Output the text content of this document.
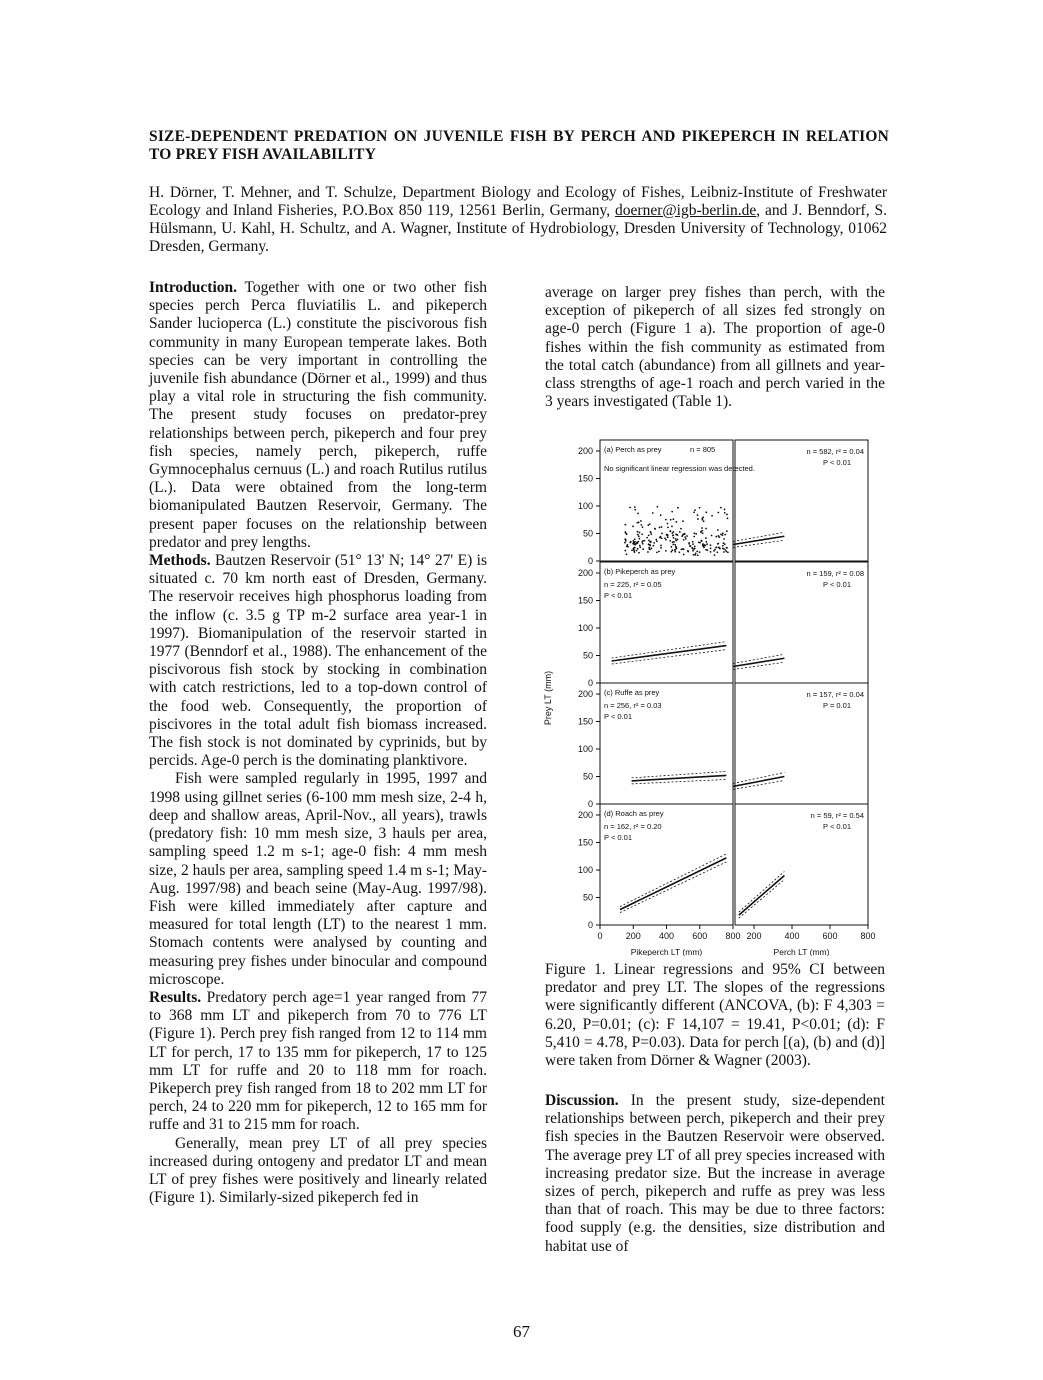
SIZE-DEPENDENT PREDATION ON JUVENILE FISH BY PERCH AND PIKEPERCH IN RELATION TO PREY FISH AVAILABILITY
H. Dörner, T. Mehner, and T. Schulze, Department Biology and Ecology of Fishes, Leibniz-Institute of Freshwater Ecology and Inland Fisheries, P.O.Box 850 119, 12561 Berlin, Germany, doerner@igb-berlin.de, and J. Benndorf, S. Hülsmann, U. Kahl, H. Schultz, and A. Wagner, Institute of Hydrobiology, Dresden University of Technology, 01062 Dresden, Germany.

Introduction. Together with one or two other fish species perch Perca fluviatilis L. and pikeperch Sander lucioperca (L.) constitute the piscivorous fish community in many European temperate lakes. Both species can be very important in controlling the juvenile fish abundance (Dörner et al., 1999) and thus play a vital role in structuring the fish community. The present study focuses on predator-prey relationships between perch, pikeperch and four prey fish species, namely perch, pikeperch, ruffe Gymnocephalus cernuus (L.) and roach Rutilus rutilus (L.). Data were obtained from the long-term biomanipulated Bautzen Reservoir, Germany. The present paper focuses on the relationship between predator and prey lengths.

Methods. Bautzen Reservoir (51° 13' N; 14° 27' E) is situated c. 70 km north east of Dresden, Germany. The reservoir receives high phosphorus loading from the inflow (c. 3.5 g TP m-2 surface area year-1 in 1997). Biomanipulation of the reservoir started in 1977 (Benndorf et al., 1988). The enhancement of the piscivorous fish stock by stocking in combination with catch restrictions, led to a top-down control of the food web. Consequently, the proportion of piscivores in the total adult fish biomass increased. The fish stock is not dominated by cyprinids, but by percids. Age-0 perch is the dominating planktivore.

Fish were sampled regularly in 1995, 1997 and 1998 using gillnet series (6-100 mm mesh size, 2-4 h, deep and shallow areas, April-Nov., all years), trawls (predatory fish: 10 mm mesh size, 3 hauls per area, sampling speed 1.2 m s-1; age-0 fish: 4 mm mesh size, 2 hauls per area, sampling speed 1.4 m s-1; May-Aug. 1997/98) and beach seine (May-Aug. 1997/98). Fish were killed immediately after capture and measured for total length (LT) to the nearest 1 mm. Stomach contents were analysed by counting and measuring prey fishes under binocular and compound microscope.

Results. Predatory perch age=1 year ranged from 77 to 368 mm LT and pikeperch from 70 to 776 LT (Figure 1). Perch prey fish ranged from 12 to 114 mm LT for perch, 17 to 135 mm for pikeperch, 17 to 125 mm LT for ruffe and 20 to 118 mm for roach. Pikeperch prey fish ranged from 18 to 202 mm LT for perch, 24 to 220 mm for pikeperch, 12 to 165 mm for ruffe and 31 to 215 mm for roach.

Generally, mean prey LT of all prey species increased during ontogeny and predator LT and mean LT of prey fishes were positively and linearly related (Figure 1). Similarly-sized pikeperch fed in

average on larger prey fishes than perch, with the exception of pikeperch of all sizes fed strongly on age-0 perch (Figure 1 a). The proportion of age-0 fishes within the fish community as estimated from the total catch (abundance) from all gillnets and year-class strengths of age-1 roach and perch varied in the 3 years investigated (Table 1).
0
50
100
150
200 (a) Perch as prey	n = 805
No significant linear regression was detected.
n = 582, r² = 0.04
P < 0.01
0
50
100
150
200 (b) Pikeperch as prey
n = 225, r² = 0.05
P < 0.01
n = 159, r² = 0.08
P < 0.01
0
50
100
150
200 (c) Ruffe as prey
n = 256, r² = 0.03
P < 0.01
n = 157, r² = 0.04
P = 0.01
0
50
100
150
200 (d) Roach as prey
n = 162, r² = 0.20
P < 0.01
n = 59, r² = 0.54
P < 0.01
0	200 400 600 800 200	400	600	800
Pikeperch LT (mm)	Perch LT (mm)
Prey LT (mm)
Figure 1. Linear regressions and 95% CI between predator and prey LT. The slopes of the regressions were significantly different (ANCOVA, (b): F 4,303 = 6.20, P=0.01; (c): F 14,107 = 19.41, P<0.01; (d): F 5,410 = 4.78, P=0.03). Data for perch [(a), (b) and (d)] were taken from Dörner & Wagner (2003).
Discussion. In the present study, size-dependent relationships between perch, pikeperch and their prey fish species in the Bautzen Reservoir were observed. The average prey LT of all prey species increased with increasing predator size. But the increase in average sizes of perch, pikeperch and ruffe as prey was less than that of roach. This may be due to three factors: food supply (e.g. the densities, size distribution and habitat use of
67
